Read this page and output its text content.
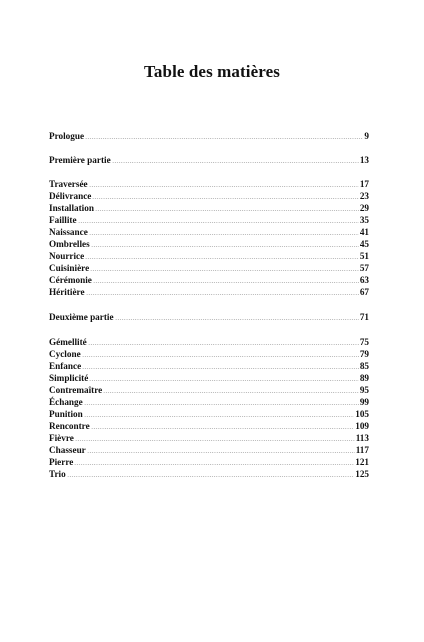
Table des matières
Prologue	9
Première partie	13
Traversée	17
Délivrance	23
Installation	29
Faillite	35
Naissance	41
Ombrelles	45
Nourrice	51
Cuisinière	57
Cérémonie	63
Héritière	67
Deuxième partie	71
Gémellité	75
Cyclone	79
Enfance	85
Simplicité	89
Contremaître	95
Échange	99
Punition	105
Rencontre	109
Fièvre	113
Chasseur	117
Pierre	121
Trio	125
